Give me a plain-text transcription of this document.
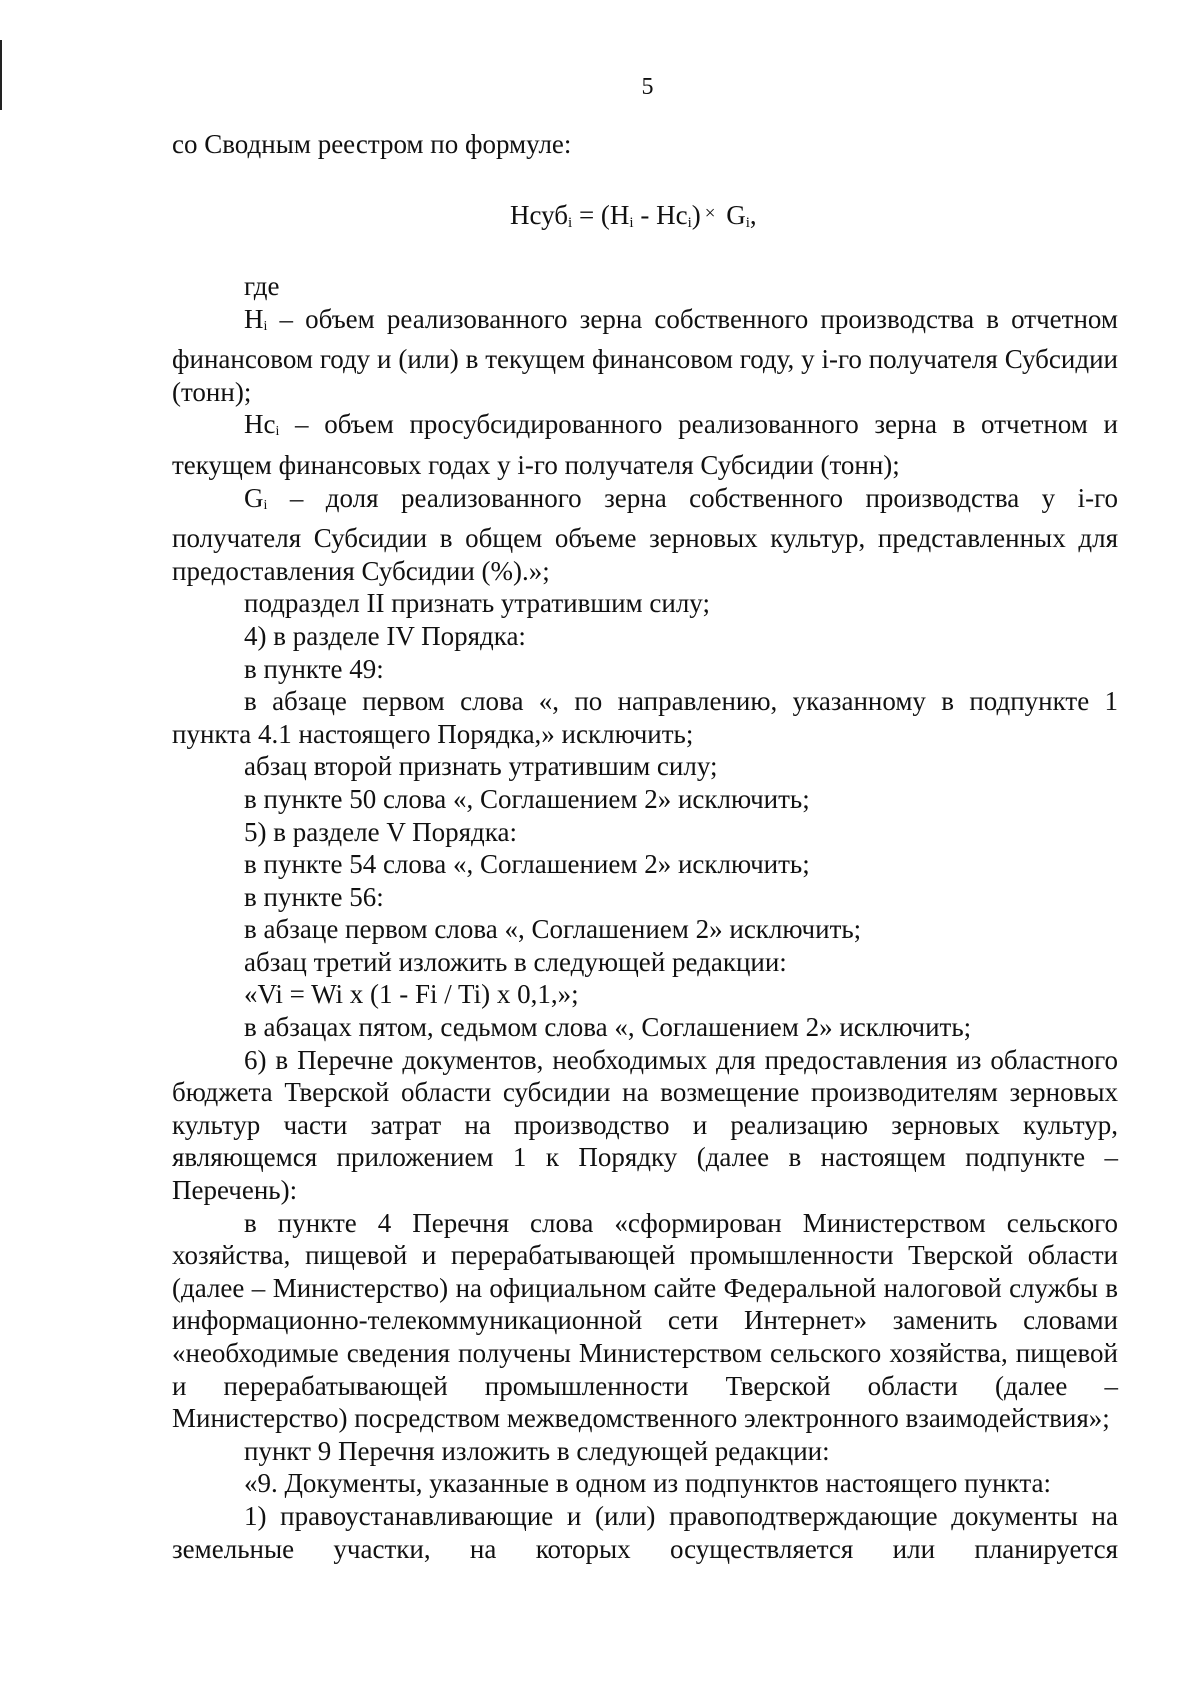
5

со Сводным реестром по формуле:

Нсуб$_i$ = $(Н_i - Нс_i) \times G_i$,

где

$Н_i$ – объем реализованного зерна собственного производства в отчетном финансовом году и (или) в текущем финансовом году, у i-го получателя Субсидии (тонн);

$Нс_i$ – объем просубсидированного реализованного зерна в отчетном и текущем финансовых годах у i-го получателя Субсидии (тонн);

$G_i$ – доля реализованного зерна собственного производства у i-го получателя Субсидии в общем объеме зерновых культур, представленных для предоставления Субсидии (%).»;

подраздел II признать утратившим силу;

4) в разделе IV Порядка:

в пункте 49:

в абзаце первом слова «, по направлению, указанному в подпункте 1 пункта 4.1 настоящего Порядка,» исключить;

абзац второй признать утратившим силу;

в пункте 50 слова «, Соглашением 2» исключить;

5) в разделе V Порядка:

в пункте 54 слова «, Соглашением 2» исключить;

в пункте 56:

в абзаце первом слова «, Соглашением 2» исключить;

абзац третий изложить в следующей редакции:

«Vi = Wi x (1 - Fi / Ti) x 0,1,»;

в абзацах пятом, седьмом слова «, Соглашением 2» исключить;

6) в Перечне документов, необходимых для предоставления из областного бюджета Тверской области субсидии на возмещение производителям зерновых культур части затрат на производство и реализацию зерновых культур, являющемся приложением 1 к Порядку (далее в настоящем подпункте – Перечень):

в пункте 4 Перечня слова «сформирован Министерством сельского хозяйства, пищевой и перерабатывающей промышленности Тверской области (далее – Министерство) на официальном сайте Федеральной налоговой службы в информационно-телекоммуникационной сети Интернет» заменить словами «необходимые сведения получены Министерством сельского хозяйства, пищевой и перерабатывающей промышленности Тверской области (далее – Министерство) посредством межведомственного электронного взаимодействия»;

пункт 9 Перечня изложить в следующей редакции:

«9. Документы, указанные в одном из подпунктов настоящего пункта:

1) правоустанавливающие и (или) правоподтверждающие документы на земельные участки, на которых осуществляется или планируется
